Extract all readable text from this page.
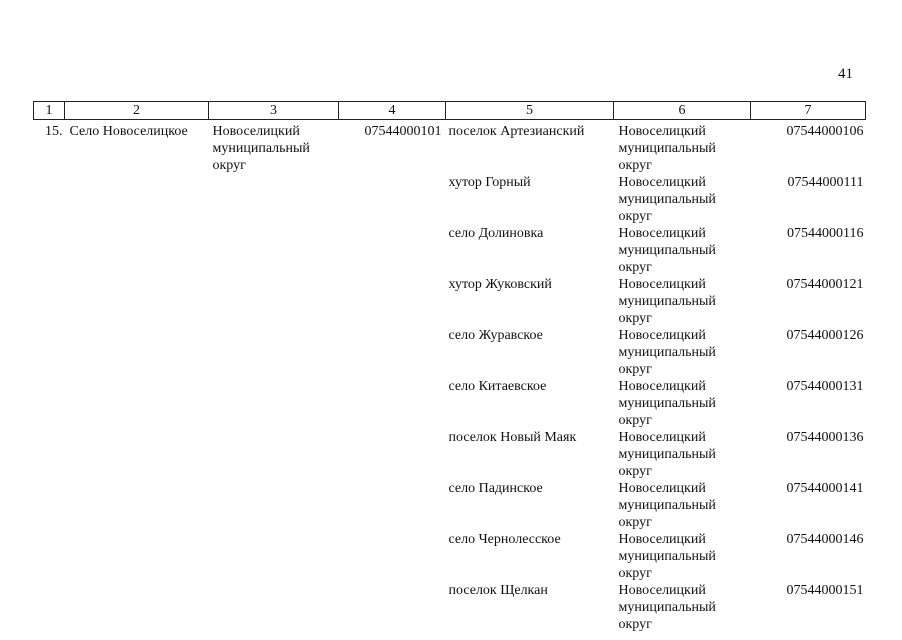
41
1	2	3	4	5	6	7
15.	Село Новоселицкое	Новоселицкий муниципальный округ	07544000101	поселок Артезианский	Новоселицкий муниципальный округ	07544000106
				хутор Горный	Новоселицкий муниципальный округ	07544000111
				село Долиновка	Новоселицкий муниципальный округ	07544000116
				хутор Жуковский	Новоселицкий муниципальный округ	07544000121
				село Журавское	Новоселицкий муниципальный округ	07544000126
				село Китаевское	Новоселицкий муниципальный округ	07544000131
				поселок Новый Маяк	Новоселицкий муниципальный округ	07544000136
				село Падинское	Новоселицкий муниципальный округ	07544000141
				село Чернолесское	Новоселицкий муниципальный округ	07544000146
				поселок Щелкан	Новоселицкий муниципальный округ	07544000151
